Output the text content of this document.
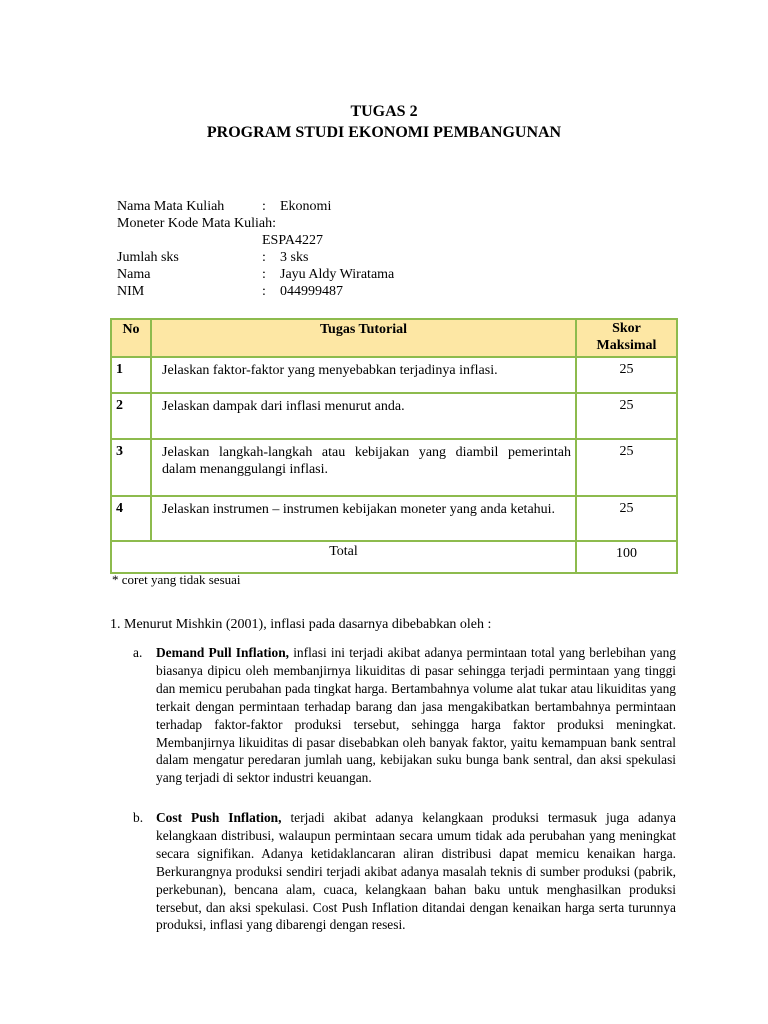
TUGAS 2
PROGRAM STUDI EKONOMI PEMBANGUNAN
Nama Mata Kuliah	: Ekonomi
Moneter Kode Mata Kuliah:
ESPA4227
Jumlah sks	: 3 sks
Nama	: Jayu Aldy Wiratama
NIM	: 044999487
No	Tugas Tutorial	Skor
Maksimal
1	Jelaskan faktor-faktor yang menyebabkan terjadinya inflasi.	25
2	Jelaskan dampak dari inflasi menurut anda.	25
3	Jelaskan langkah-langkah atau kebijakan yang diambil pemerintah dalam menanggulangi inflasi.	25
4	Jelaskan instrumen – instrumen kebijakan moneter yang anda ketahui.	25
Total		100
* coret yang tidak sesuai
1. Menurut Mishkin (2001), inflasi pada dasarnya dibebabkan oleh :
a. Demand Pull Inflation, inflasi ini terjadi akibat adanya permintaan total yang berlebihan yang biasanya dipicu oleh membanjirnya likuiditas di pasar sehingga terjadi permintaan yang tinggi dan memicu perubahan pada tingkat harga. Bertambahnya volume alat tukar atau likuiditas yang terkait dengan permintaan terhadap barang dan jasa mengakibatkan bertambahnya permintaan terhadap faktor-faktor produksi tersebut, sehingga harga faktor produksi meningkat. Membanjirnya likuiditas di pasar disebabkan oleh banyak faktor, yaitu kemampuan bank sentral dalam mengatur peredaran jumlah uang, kebijakan suku bunga bank sentral, dan aksi spekulasi yang terjadi di sektor industri keuangan.
b. Cost Push Inflation, terjadi akibat adanya kelangkaan produksi termasuk juga adanya kelangkaan distribusi, walaupun permintaan secara umum tidak ada perubahan yang meningkat secara signifikan. Adanya ketidaklancaran aliran distribusi dapat memicu kenaikan harga. Berkurangnya produksi sendiri terjadi akibat adanya masalah teknis di sumber produksi (pabrik, perkebunan), bencana alam, cuaca, kelangkaan bahan baku untuk menghasilkan produksi tersebut, dan aksi spekulasi. Cost Push Inflation ditandai dengan kenaikan harga serta turunnya produksi, inflasi yang dibarengi dengan resesi.
